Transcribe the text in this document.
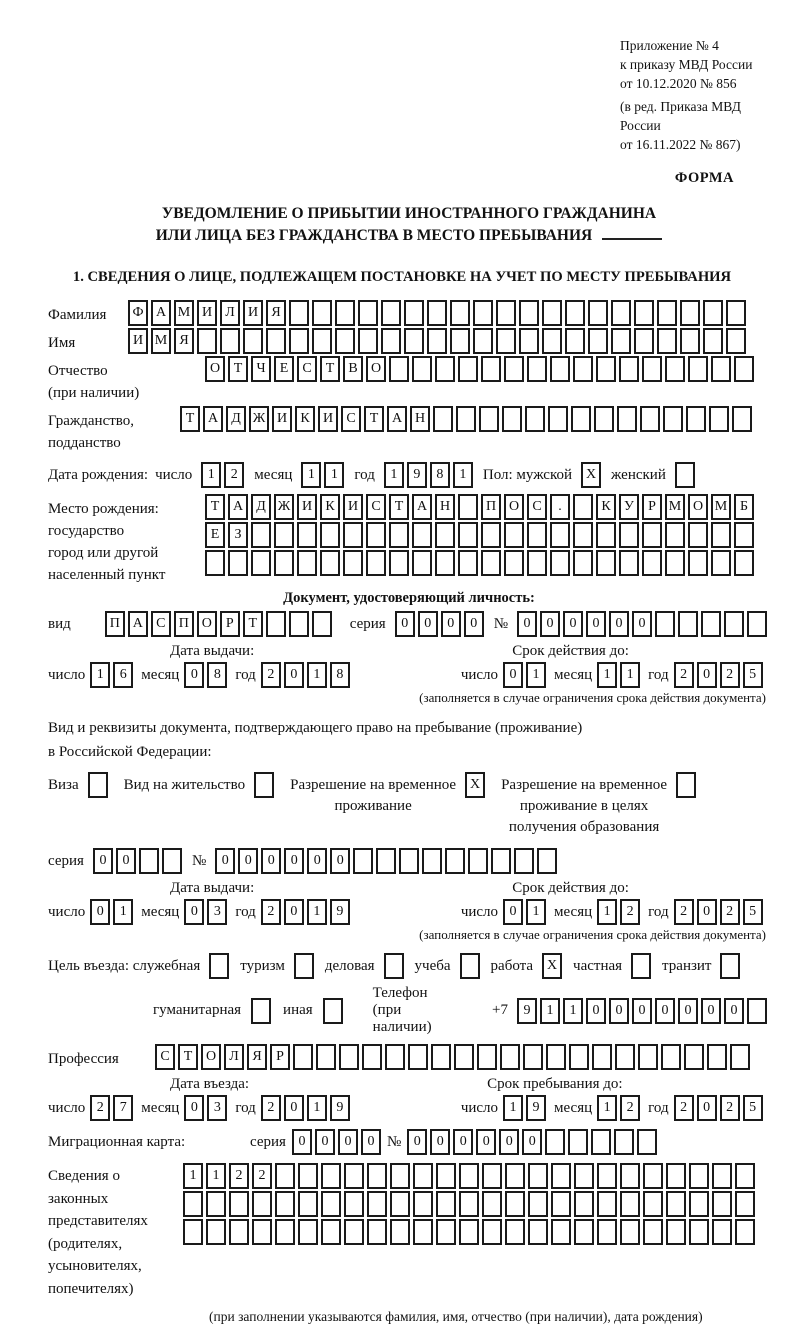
Приложение № 4
к приказу МВД России
от 10.12.2020 № 856
(в ред. Приказа МВД России
от 16.11.2022 № 867)
ФОРМА
УВЕДОМЛЕНИЕ О ПРИБЫТИИ ИНОСТРАННОГО ГРАЖДАНИНА
ИЛИ ЛИЦА БЕЗ ГРАЖДАНСТВА В МЕСТО ПРЕБЫВАНИЯ
1. СВЕДЕНИЯ О ЛИЦЕ, ПОДЛЕЖАЩЕМ ПОСТАНОВКЕ НА УЧЕТ ПО МЕСТУ ПРЕБЫВАНИЯ
Фамилия	Ф А М И Л И Я
Имя	И М Я
Отчество
(при наличии)
О Т Ч Е С Т В О
Гражданство,
подданство
Т А Д Ж И К И С Т А Н
Дата рождения: число	1 2	месяц	1 1	год	1 9 8 1	Пол: мужской X женский
Место рождения:
государство
город или другой
населенный пункт
Т А Д Ж И К И С Т А Н	П О С .	К У Р М О М Б
Е З
Документ, удостоверяющий личность:
вид	П А С П О Р Т	серия	0 0 0 0	№	0 0 0 0 0 0
Дата выдачи:	Срок действия до:
число 1 6 месяц 0 8 год 2 0 1 8	число 0 1 месяц 1 1 год 2 0 2 5
(заполняется в случае ограничения срока действия документа)
Вид и реквизиты документа, подтверждающего право на пребывание (проживание)
в Российской Федерации:
Виза	Вид на жительство	Разрешение на временное
проживание
X	Разрешение на временное
проживание в целях
получения образования
серия	0 0	№	0 0 0 0 0 0
Дата выдачи:	Срок действия до:
число 0 1 месяц 0 3 год 2 0 1 9	число 0 1 месяц 1 2 год 2 0 2 5
(заполняется в случае ограничения срока действия документа)
Цель въезда: служебная	туризм	деловая	учеба	работа X	частная	транзит
гуманитарная	иная
Телефон (при наличии)
+7	9 1 1 0 0 0 0 0 0 0
Профессия	С Т О Л Я Р
Дата въезда:	Срок пребывания до:
число 2 7 месяц 0 3 год 2 0 1 9	число 1 9 месяц 1 2 год 2 0 2 5
Миграционная карта:	серия 0 0 0 0 № 0 0 0 0 0 0
Сведения о
законных
представителях
(родителях,
усыновителях,
попечителях)
1 1 2 2
(при заполнении указываются фамилия, имя, отчество (при наличии), дата рождения)
